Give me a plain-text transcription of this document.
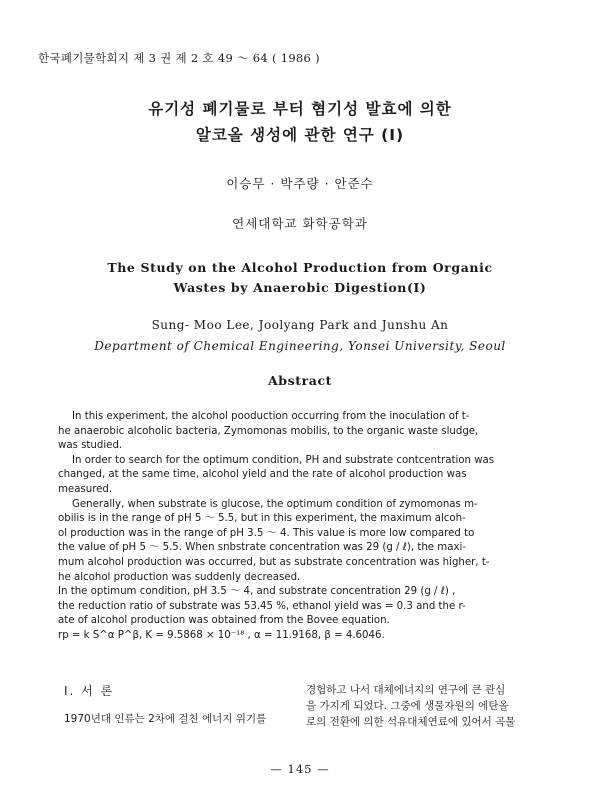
한국폐기물학회지 제 3 권 제 2 호 49 ～ 64 ( 1986 )
유기성 폐기물로 부터 혐기성 발효에 의한
알코올 생성에 관한 연구 (I)
이승무 · 박주량 · 안준수
연세대학교 화학공학과
The Study on the Alcohol Production from Organic
Wastes by Anaerobic Digestion(I)
Sung- Moo Lee, Joolyang Park and Junshu An
Department of Chemical Engineering, Yonsei University, Seoul
Abstract
In this experiment, the alcohol pooduction occurring from the inoculation of t-
he anaerobic alcoholic bacteria, Zymomonas mobilis, to the organic waste sludge,
was studied.
In order to search for the optimum condition, PH and substrate contcentration was
changed, at the same time, alcohol yield and the rate of alcohol production was
measured.
Generally, when substrate is glucose, the optimum condition of zymomonas m-
obilis is in the range of pH 5 ～ 5.5, but in this experiment, the maximum alcoh-
ol production was in the range of pH 3.5 ～ 4. This value is more low compared to
the value of pH 5 ～ 5.5. When snbstrate concentration was 29 (g / ℓ), the maxi-
mum alcohol production was occurred, but as substrate concentration was higher, t-
he alcohol production was suddenly decreased.
In the optimum condition, pH 3.5 ～ 4, and substrate concentration 29 (g / ℓ) ,
the reduction ratio of substrate was 53.45 %, ethanol yield was = 0.3 and the r-
ate of alcohol production was obtained from the Bovee equation.
rp = k S^α P^β, K = 9.5868 × 10⁻¹⁸ , α = 11.9168, β = 4.6046.
I. 서 론
1970년대 인류는 2차에 걸친 에너지 위기를
경험하고 나서 대체에너지의 연구에 큰 관심
을 가지게 되었다. 그중에 생물자원의 에탄올
로의 전환에 의한 석유대체연료에 있어서 곡물
— 145 —
